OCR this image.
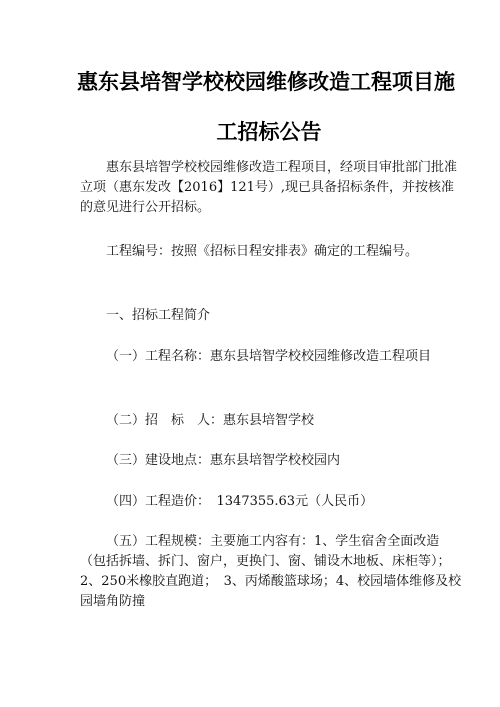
惠东县培智学校校园维修改造工程项目施
工招标公告

惠东县培智学校校园维修改造工程项目，经项目审批部门批准立项（惠东发改【2016】121号）,现已具备招标条件，并按核准的意见进行公开招标。

工程编号：按照《招标日程安排表》确定的工程编号。

一、招标工程简介

（一）工程名称：惠东县培智学校校园维修改造工程项目

（二）招　标　人：惠东县培智学校

（三）建设地点：惠东县培智学校校园内

（四）工程造价：　1347355.63元（人民币）

（五）工程规模：主要施工内容有：1、学生宿舍全面改造（包括拆墙、拆门、窗户，更换门、窗、铺设木地板、床柜等）；2、250米橡胶直跑道；　3、丙烯酸篮球场；4、校园墙体维修及校园墙角防撞
